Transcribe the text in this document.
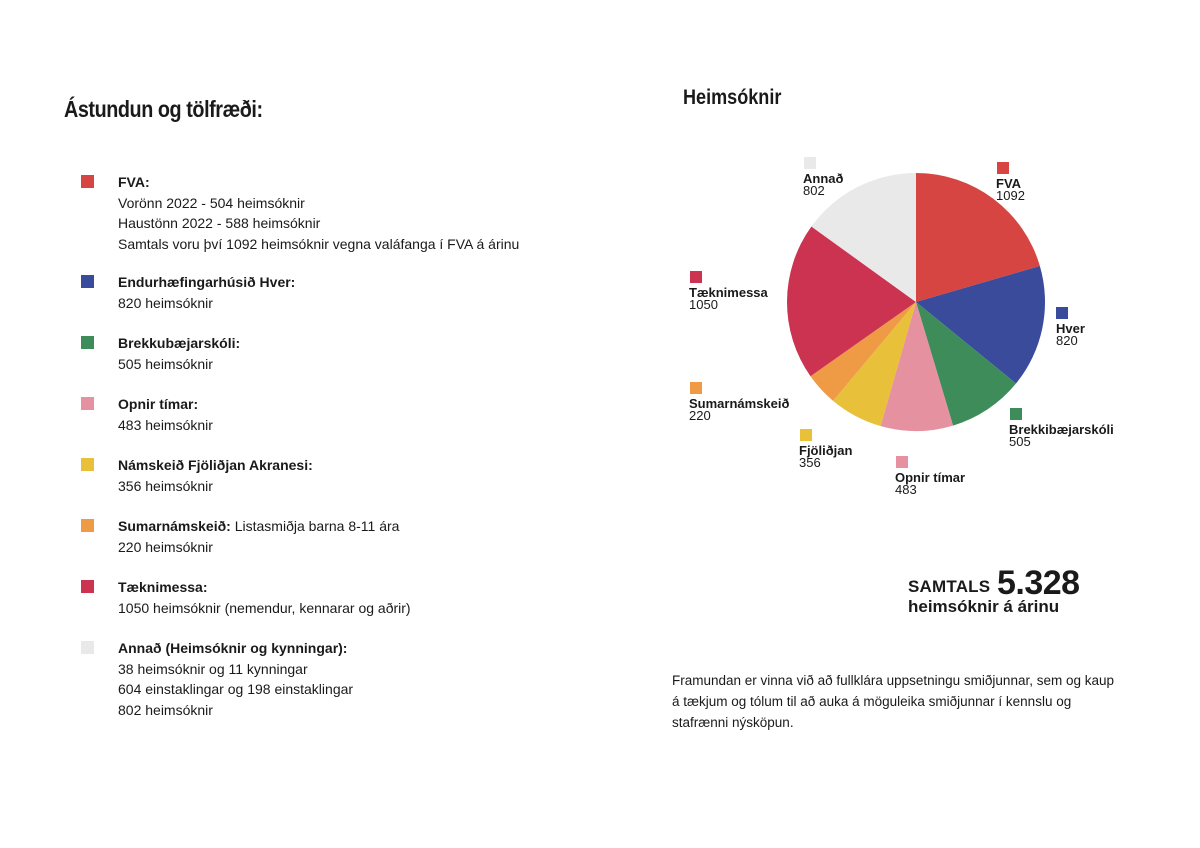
Ástundun og tölfræði:
FVA:
Vorönn 2022 - 504 heimsóknir
Haustönn 2022 - 588 heimsóknir
Samtals voru því 1092 heimsóknir vegna valáfanga í FVA á árinu
Endurhæfingarhúsið Hver:
820 heimsóknir
Brekkubæjarskóli:
505 heimsóknir
Opnir tímar:
483 heimsóknir
Námskeið Fjöliðjan Akranesi:
356 heimsóknir
Sumarnámskeið: Listasmiðja barna 8-11 ára
220 heimsóknir
Tæknimessa:
1050 heimsóknir (nemendur, kennarar og aðrir)
Annað (Heimsóknir og kynningar):
38 heimsóknir og 11 kynningar
604 einstaklingar og 198 einstaklingar
802 heimsóknir
Heimsóknir
FVA
1092
Hver
820
Brekkibæjarskóli
505
Opnir tímar
483
Fjöliðjan
356
Sumarnámskeið
220
Tæknimessa
1050
Annað
802
SAMTALS 5.328
heimsóknir á árinu
Framundan er vinna við að fullklára uppsetningu smiðjunnar, sem og kaup á tækjum og tólum til að auka á möguleika smiðjunnar í kennslu og stafrænni nýsköpun.
